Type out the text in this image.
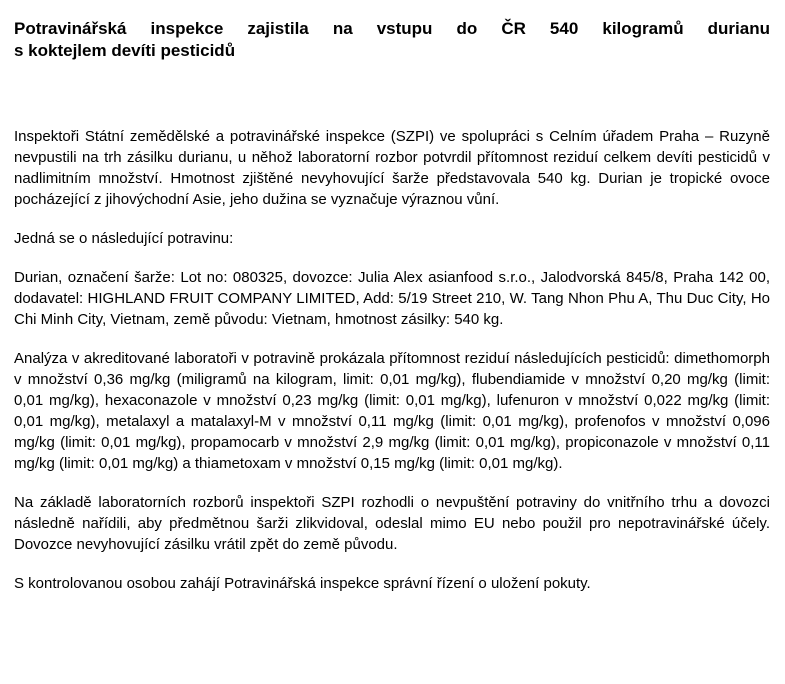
Potravinářská inspekce zajistila na vstupu do ČR 540 kilogramů durianu
s koktejlem devíti pesticidů

Inspektoři Státní zemědělské a potravinářské inspekce (SZPI) ve spolupráci s Celním úřadem Praha – Ruzyně nevpustili na trh zásilku durianu, u něhož laboratorní rozbor potvrdil přítomnost reziduí celkem devíti pesticidů v nadlimitním množství. Hmotnost zjištěné nevyhovující šarže představovala 540 kg. Durian je tropické ovoce pocházející z jihovýchodní Asie, jeho dužina se vyznačuje výraznou vůní.

Jedná se o následující potravinu:

Durian, označení šarže: Lot no: 080325, dovozce: Julia Alex asianfood s.r.o., Jalodvorská 845/8, Praha 142 00, dodavatel: HIGHLAND FRUIT COMPANY LIMITED, Add: 5/19 Street 210, W. Tang Nhon Phu A, Thu Duc City, Ho Chi Minh City, Vietnam, země původu: Vietnam, hmotnost zásilky: 540 kg.

Analýza v akreditované laboratoři v potravině prokázala přítomnost reziduí následujících pesticidů: dimethomorph v množství 0,36 mg/kg (miligramů na kilogram, limit: 0,01 mg/kg), flubendiamide v množství 0,20 mg/kg (limit: 0,01 mg/kg), hexaconazole v množství 0,23 mg/kg (limit: 0,01 mg/kg), lufenuron v množství 0,022 mg/kg (limit: 0,01 mg/kg), metalaxyl a matalaxyl-M v množství 0,11 mg/kg (limit: 0,01 mg/kg), profenofos v množství 0,096 mg/kg (limit: 0,01 mg/kg), propamocarb v množství 2,9 mg/kg (limit: 0,01 mg/kg), propiconazole v množství 0,11 mg/kg (limit: 0,01 mg/kg) a thiametoxam v množství 0,15 mg/kg (limit: 0,01 mg/kg).

Na základě laboratorních rozborů inspektoři SZPI rozhodli o nevpuštění potraviny do vnitřního trhu a dovozci následně nařídili, aby předmětnou šarži zlikvidoval, odeslal mimo EU nebo použil pro nepotravinářské účely. Dovozce nevyhovující zásilku vrátil zpět do země původu.

S kontrolovanou osobou zahájí Potravinářská inspekce správní řízení o uložení pokuty.
